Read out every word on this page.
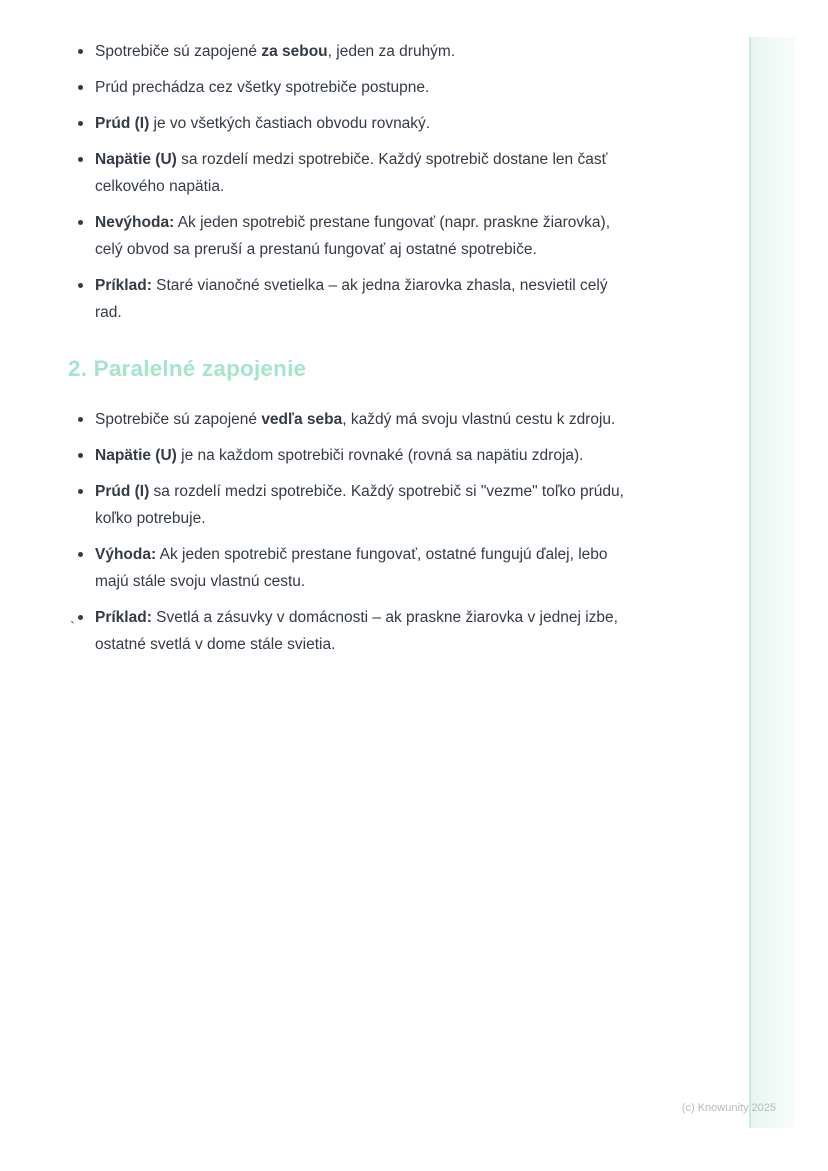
Spotrebiče sú zapojené za sebou, jeden za druhým.
Prúd prechádza cez všetky spotrebiče postupne.
Prúd (I) je vo všetkých častiach obvodu rovnaký.
Napätie (U) sa rozdelí medzi spotrebiče. Každý spotrebič dostane len časť celkového napätia.
Nevýhoda: Ak jeden spotrebič prestane fungovať (napr. praskne žiarovka), celý obvod sa preruší a prestanú fungovať aj ostatné spotrebiče.
Príklad: Staré vianočné svetielka – ak jedna žiarovka zhasla, nesvietil celý rad.
2. Paralelné zapojenie
Spotrebiče sú zapojené vedľa seba, každý má svoju vlastnú cestu k zdroju.
Napätie (U) je na každom spotrebiči rovnaké (rovná sa napätiu zdroja).
Prúd (I) sa rozdelí medzi spotrebiče. Každý spotrebič si "vezme" toľko prúdu, koľko potrebuje.
Výhoda: Ak jeden spotrebič prestane fungovať, ostatné fungujú ďalej, lebo majú stále svoju vlastnú cestu.
Príklad: Svetlá a zásuvky v domácnosti – ak praskne žiarovka v jednej izbe, ostatné svetlá v dome stále svietia.
`
(c) Knowunity 2025
